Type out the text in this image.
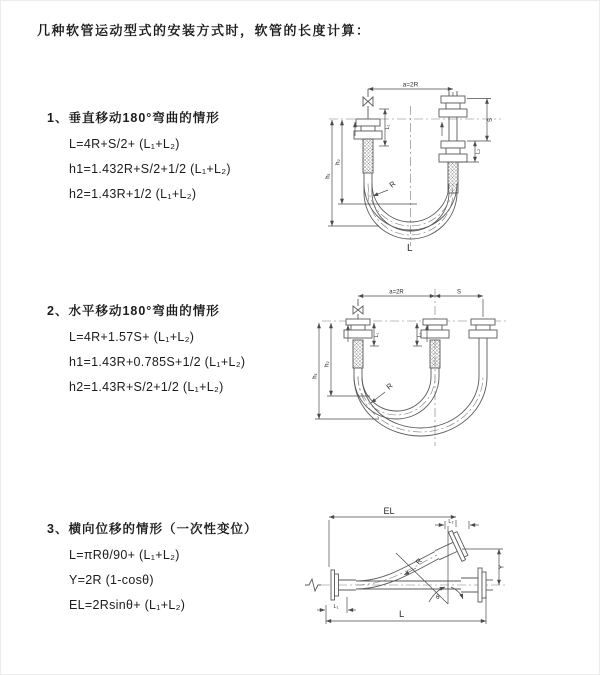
几种软管运动型式的安装方式时，软管的长度计算：
1、垂直移动180°弯曲的情形
L=4R+S/2+ (L₁+L₂)
h1=1.432R+S/2+1/2 (L₁+L₂)
h2=1.43R+1/2 (L₁+L₂)
2、水平移动180°弯曲的情形
L=4R+1.57S+ (L₁+L₂)
h1=1.43R+0.785S+1/2 (L₁+L₂)
h2=1.43R+S/2+1/2 (L₁+L₂)
3、横向位移的情形（一次性变位）
L=πRθ/90+ (L₁+L₂)
Y=2R (1-cosθ)
EL=2Rsinθ+ (L₁+L₂)
a=2R
h₁
h₂
L₁
S
L₂
R
L
a=2R	S
h₁
h₂
L₁	L₂
R
EL
L₂
θ
R
Y
L₁
L
